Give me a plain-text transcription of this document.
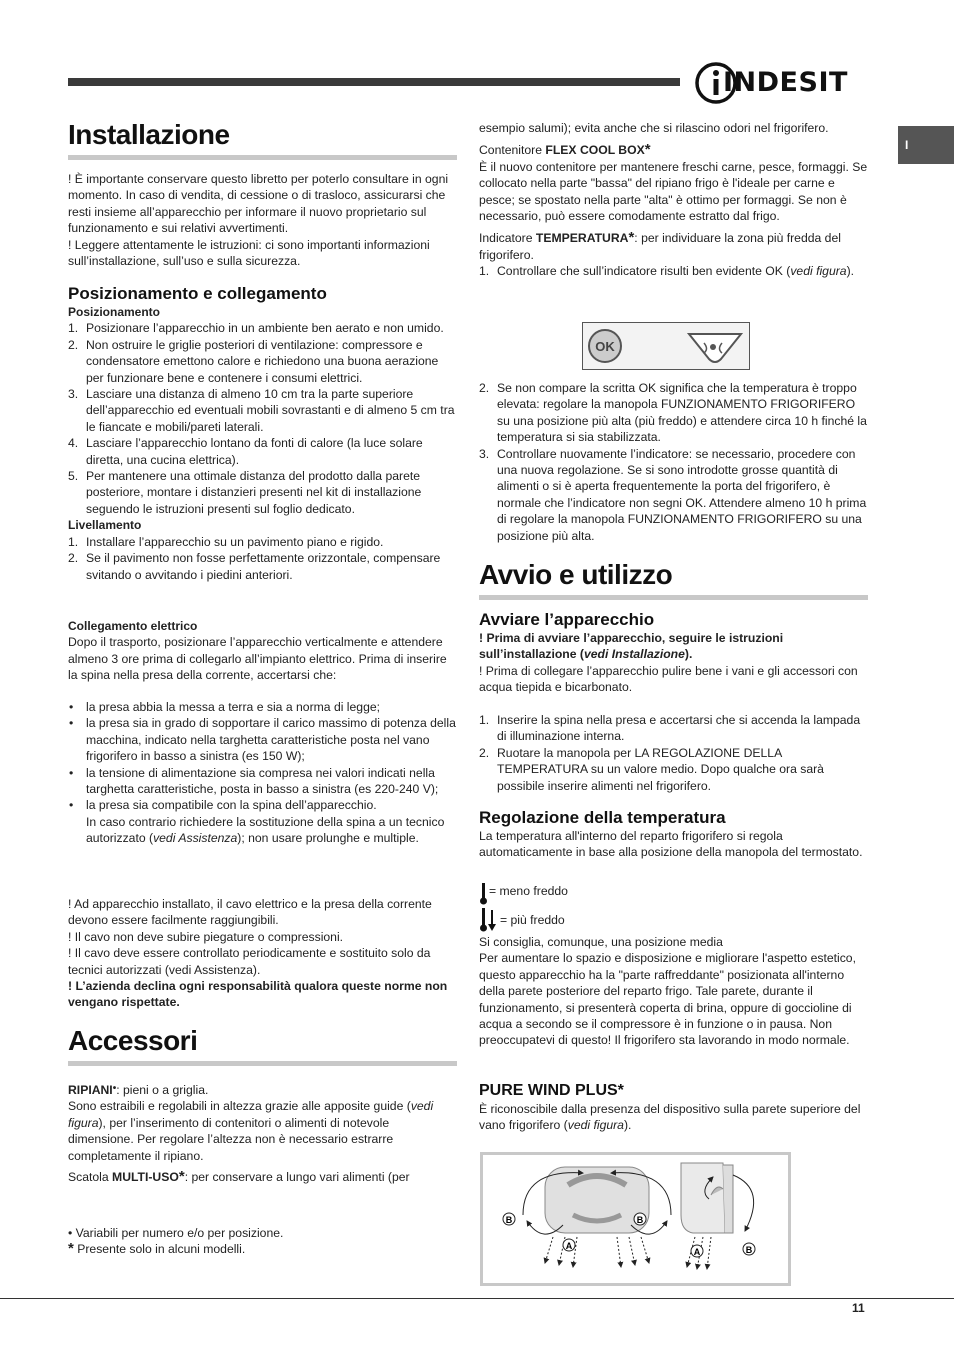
INDESIT
I
Installazione

! È importante conservare questo libretto per poterlo consultare in ogni momento. In caso di vendita, di cessione o di trasloco, assicurarsi che resti insieme all’apparecchio per informare il nuovo proprietario sul funzionamento e sui relativi avvertimenti.

! Leggere attentamente le istruzioni: ci sono importanti informazioni sull’installazione, sull’uso e sulla sicurezza.

Posizionamento e collegamento
Posizionamento
1. Posizionare l’apparecchio in un ambiente ben aerato e non umido.
2. Non ostruire le griglie posteriori di ventilazione: compressore e condensatore emettono calore e richiedono una buona aerazione per funzionare bene e contenere i consumi elettrici.
3. Lasciare una distanza di almeno 10 cm tra la parte superiore dell’apparecchio ed eventuali mobili sovrastanti e di almeno 5 cm tra le fiancate e mobili/pareti laterali.
4. Lasciare l’apparecchio lontano da fonti di calore (la luce solare diretta, una cucina elettrica).
5. Per mantenere una ottimale distanza del prodotto dalla parete posteriore, montare i distanzieri presenti nel kit di installazione seguendo le istruzioni presenti sul foglio dedicato.
Livellamento
1. Installare l’apparecchio su un pavimento piano e rigido.
2. Se il pavimento non fosse perfettamente orizzontale, compensare svitando o avvitando i piedini anteriori.
Collegamento elettrico

Dopo il trasporto, posizionare l’apparecchio verticalmente e attendere almeno 3 ore prima di collegarlo all’impianto elettrico. Prima di inserire la spina nella presa della corrente, accertarsi che:

• la presa abbia la messa a terra e sia a norma di legge;
• la presa sia in grado di sopportare il carico massimo di potenza della macchina, indicato nella targhetta caratteristiche posta nel vano frigorifero in basso a sinistra (es 150 W);
• la tensione di alimentazione sia compresa nei valori indicati nella targhetta caratteristiche, posta in basso a sinistra (es 220-240 V);
• la presa sia compatibile con la spina dell’apparecchio.
In caso contrario richiedere la sostituzione della spina a un tecnico autorizzato (vedi Assistenza); non usare prolunghe e multiple.

! Ad apparecchio installato, il cavo elettrico e la presa della corrente devono essere facilmente raggiungibili.

! Il cavo non deve subire piegature o compressioni.

! Il cavo deve essere controllato periodicamente e sostituito solo da tecnici autorizzati (vedi Assistenza).

! L’azienda declina ogni responsabilità qualora queste norme non vengano rispettate.

Accessori

RIPIANI•: pieni o a griglia.

Sono estraibili e regolabili in altezza grazie alle apposite guide (vedi figura), per l’inserimento di contenitori o alimenti di notevole dimensione. Per regolare l’altezza non è necessario estrarre completamente il ripiano.

Scatola MULTI-USO*: per conservare a lungo vari alimenti (per

• Variabili per numero e/o per posizione.

* Presente solo in alcuni modelli.

esempio salumi); evita anche che si rilascino odori nel frigorifero.

Contenitore FLEX COOL BOX*

È il nuovo contenitore per mantenere freschi carne, pesce, formaggi. Se collocato nella parte "bassa" del ripiano frigo è l'ideale per carne e pesce; se spostato nella parte "alta" è ottimo per formaggi. Se non è necessario, può essere comodamente estratto dal frigo.

Indicatore TEMPERATURA*: per individuare la zona più fredda del frigorifero.

1. Controllare che sull’indicatore risulti ben evidente OK (vedi figura).
OK
2. Se non compare la scritta OK significa che la temperatura è troppo elevata: regolare la manopola FUNZIONAMENTO FRIGORIFERO su una posizione più alta (più freddo) e attendere circa 10 h finché la temperatura si sia stabilizzata.
3. Controllare nuovamente l’indicatore: se necessario, procedere con una nuova regolazione. Se si sono introdotte grosse quantità di alimenti o si è aperta frequentemente la porta del frigorifero, è normale che l’indicatore non segni OK. Attendere almeno 10 h prima di regolare la manopola FUNZIONAMENTO FRIGORIFERO su una posizione più alta.
Avvio e utilizzo
Avviare l’apparecchio

! Prima di avviare l’apparecchio, seguire le istruzioni sull’installazione (vedi Installazione).

! Prima di collegare l’apparecchio pulire bene i vani e gli accessori con acqua tiepida e bicarbonato.

1. Inserire la spina nella presa e accertarsi che si accenda la lampada di illuminazione interna.
2. Ruotare la manopola per LA REGOLAZIONE DELLA TEMPERATURA su un valore medio. Dopo qualche ora sarà possibile inserire alimenti nel frigorifero.
Regolazione della temperatura

La temperatura all'interno del reparto frigorifero si regola automaticamente in base alla posizione della manopola del termostato.

= meno freddo
= più freddo

Si consiglia, comunque, una posizione media

Per aumentare lo spazio e disposizione e migliorare l'aspetto estetico, questo apparecchio ha la "parte raffreddante" posizionata all'interno della parete posteriore del reparto frigo. Tale parete, durante il funzionamento, si presenterà coperta di brina, oppure di goccioline di acqua a secondo se il compressore è in funzione o in pausa. Non preoccupatevi di questo! Il frigorifero sta lavorando in modo normale.

PURE WIND PLUS*

È riconoscibile dalla presenza del dispositivo sulla parete superiore del vano frigorifero (vedi figura).

B	B
A
A	B
11
